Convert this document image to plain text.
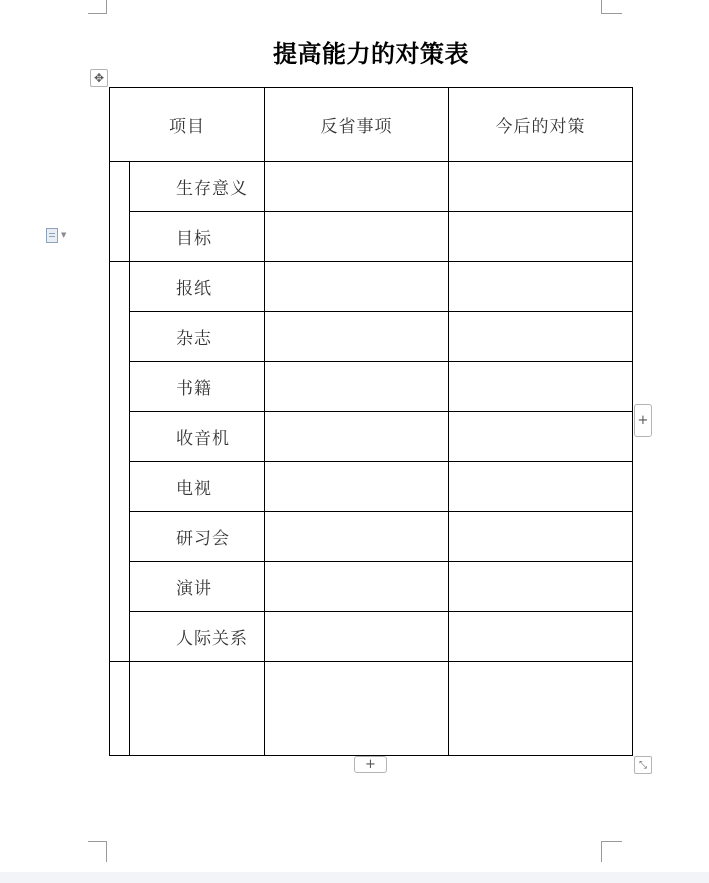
提高能力的对策表
✥
▼
项目		反省事项	今后的对策
	生存意义		
	目标		
	报纸		
	杂志		
	书籍		
	收音机		
	电视		
	研习会		
	演讲		
	人际关系		

+
+	⤡
